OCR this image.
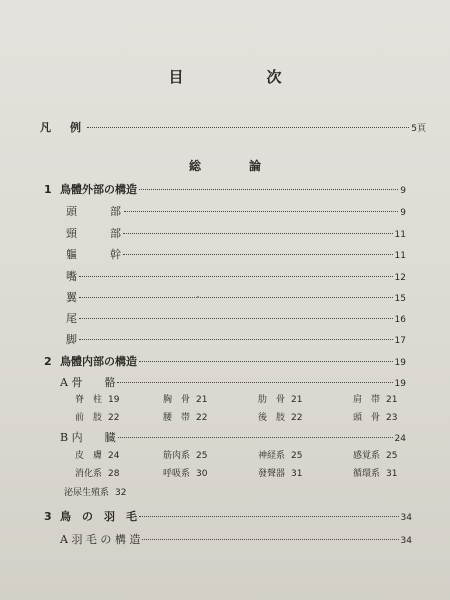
目　次
凡　例	5頁
総　論
1 鳥體外部の構造	9
頭　　　部	9
頸　　　部	11
軀　　　幹	11
嘴	12
翼	15
尾	16
脚	17
2 鳥體内部の構造	19
A 骨　　骼	19
脊　柱 19	胸　骨 21	肋　骨 21	肩　帯 21
前　肢 22	腰　帯 22	後　肢 22	頭　骨 23
B 内　　臓	24
皮　膚 24	筋肉系 25	神経系 25	感覚系 25
消化系 28	呼吸系 30	發聲器 31	循環系 31
泌尿生殖系 32
3 鳥　の　羽　毛	34
A 羽 毛 の 構 造	34
